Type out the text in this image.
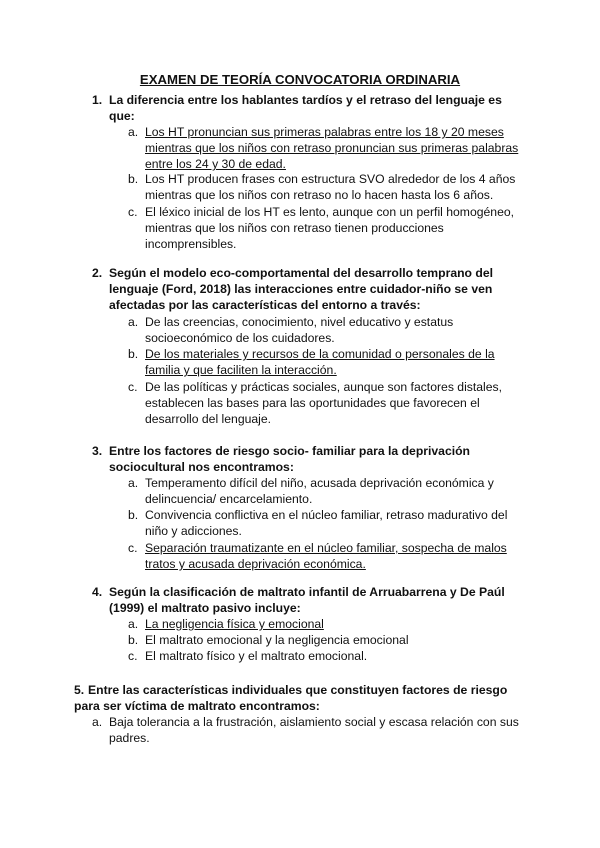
EXAMEN DE TEORÍA CONVOCATORIA ORDINARIA
1. La diferencia entre los hablantes tardíos y el retraso del lenguaje es
que:
a. Los HT pronuncian sus primeras palabras entre los 18 y 20 meses
mientras que los niños con retraso pronuncian sus primeras palabras
entre los 24 y 30 de edad.
b. Los HT producen frases con estructura SVO alrededor de los 4 años
mientras que los niños con retraso no lo hacen hasta los 6 años.
c. El léxico inicial de los HT es lento, aunque con un perfil homogéneo,
mientras que los niños con retraso tienen producciones
incomprensibles.
2. Según el modelo eco-comportamental del desarrollo temprano del
lenguaje (Ford, 2018) las interacciones entre cuidador-niño se ven
afectadas por las características del entorno a través:
a. De las creencias, conocimiento, nivel educativo y estatus
socioeconómico de los cuidadores.
b. De los materiales y recursos de la comunidad o personales de la
familia y que faciliten la interacción.
c. De las políticas y prácticas sociales, aunque son factores distales,
establecen las bases para las oportunidades que favorecen el
desarrollo del lenguaje.
3. Entre los factores de riesgo socio- familiar para la deprivación
sociocultural nos encontramos:
a. Temperamento difícil del niño, acusada deprivación económica y
delincuencia/ encarcelamiento.
b. Convivencia conflictiva en el núcleo familiar, retraso madurativo del
niño y adicciones.
c. Separación traumatizante en el núcleo familiar, sospecha de malos
tratos y acusada deprivación económica.
4. Según la clasificación de maltrato infantil de Arruabarrena y De Paúl
(1999) el maltrato pasivo incluye:
a. La negligencia física y emocional
b. El maltrato emocional y la negligencia emocional
c. El maltrato físico y el maltrato emocional.
5. Entre las características individuales que constituyen factores de riesgo
para ser víctima de maltrato encontramos:
a. Baja tolerancia a la frustración, aislamiento social y escasa relación con sus
padres.
